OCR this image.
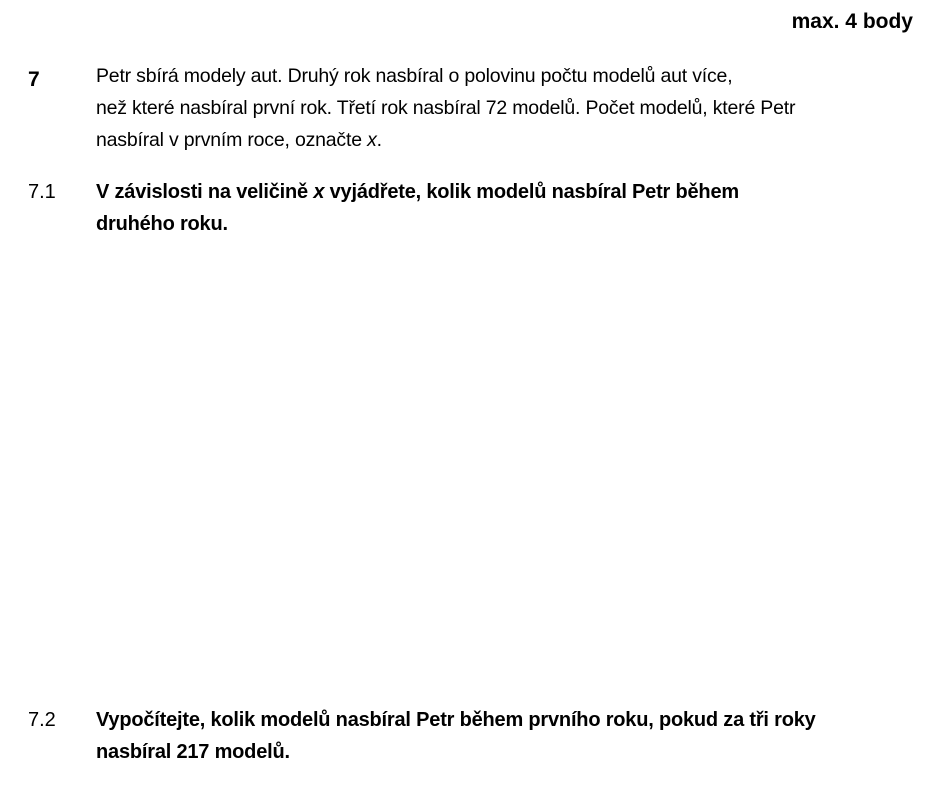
max. 4 body
7	Petr sbírá modely aut. Druhý rok nasbíral o polovinu počtu modelů aut více,
než které nasbíral první rok. Třetí rok nasbíral 72 modelů. Počet modelů, které Petr
nasbíral v prvním roce, označte x.
7.1 V závislosti na veličině x vyjádřete, kolik modelů nasbíral Petr během
druhého roku.
7.2 Vypočítejte, kolik modelů nasbíral Petr během prvního roku, pokud za tři roky
nasbíral 217 modelů.
